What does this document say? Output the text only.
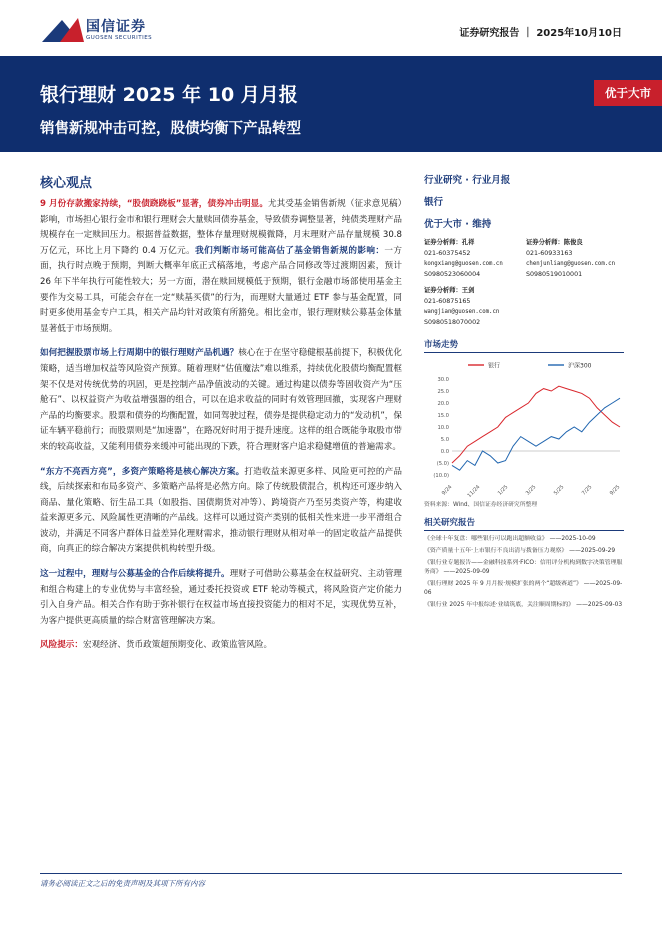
国信证券
GUOSEN SECURITIES	证券研究报告 ｜ 2025年10月10日
银行理财 2025 年 10 月月报
销售新规冲击可控，股债均衡下产品转型
优于大市
核心观点

9 月份存款搬家持续，“股债跷跷板”显著，债券冲击明显。尤其受基金销售新规（征求意见稿）影响，市场担心银行金市和银行理财会大量赎回债券基金，导致债券调整显著，纯债类理财产品规模存在一定赎回压力。根据普益数据，整体存量理财规模微降，月末理财产品存量规模 30.8 万亿元，环比上月下降约 0.4 万亿元。我们判断市场可能高估了基金销售新规的影响：一方面，执行时点晚于预期，判断大概率年底正式稿落地，考虑产品合同修改等过渡期因素，预计 26 年下半年执行可能性较大；另一方面，潜在赎回规模低于预期，银行金融市场部使用基金主要作为交易工具，可能会存在一定“赎基买债”的行为，而理财大量通过 ETF 参与基金配置，同时更多使用基金专户工具，相关产品均针对政策有所豁免。相比金市，银行理财赎公募基金体量显著低于市场预期。

如何把握股票市场上行周期中的银行理财产品机遇？核心在于在坚守稳健根基前提下，积极优化策略，适当增加权益等风险资产预算。随着理财“估值魔法”难以维系，持续优化股债均衡配置框架不仅是对传统优势的巩固，更是控制产品净值波动的关键。通过构建以债券等固收资产为“压舱石”、以权益资产为收益增强器的组合，可以在追求收益的同时有效管理回撤，实现客户理财产品的均衡要求。股票和债券的均衡配置，如同驾驶过程，债券是提供稳定动力的“发动机”，保证车辆平稳前行；而股票则是“加速器”，在路况好时用于提升速度。这样的组合既能争取股市带来的较高收益，又能利用债券来缓冲可能出现的下跌，符合理财客户追求稳健增值的普遍需求。

“东方不亮西方亮”，多资产策略将是核心解决方案。打造收益来源更多样、风险更可控的产品线，后续探索和布局多资产、多策略产品将是必然方向。除了传统股债混合，机构还可逐步纳入商品、量化策略、衍生品工具（如股指、国债期货对冲等）、跨境资产乃至另类资产等，构建收益来源更多元、风险属性更清晰的产品线。这样可以通过资产类别的低相关性来进一步平滑组合波动，并满足不同客户群体日益差异化理财需求，推动银行理财从相对单一的固定收益产品提供商，向真正的综合解决方案提供机构转型升级。

这一过程中，理财与公募基金的合作后续将提升。理财子可借助公募基金在权益研究、主动管理和组合构建上的专业优势与丰富经验，通过委托投资或 ETF 轮动等模式，将风险资产定价能力引入自身产品。相关合作有助于弥补银行在权益市场直接投资能力的相对不足，实现优势互补，为客户提供更高质量的综合财富管理解决方案。

风险提示：宏观经济、货币政策超预期变化、政策监管风险。

行业研究 · 行业月报
银行
优于大市 · 维持
证券分析师：孔祥
021-60375452
kongxiang@guosen.com.cn
S0980523060004
证券分析师：陈俊良
021-60933163
chenjunliang@guosen.com.cn
S0980519010001
证券分析师：王剑
021-60875165
wangjian@guosen.com.cn
S0980518070002
市场走势
银行	沪深300
(10.0)
(5.0)
0.0
5.0
10.0
15.0
20.0
25.0
30.0
9/24	11/24	1/25	3/25	5/25	7/25	9/25
资料来源：Wind、国信证券经济研究所整理
相关研究报告
《全球十年复盘：哪些银行可以跑出超额收益》 ——2025-10-09
《资产质量十五年·上市银行不良出清与拨备压力观察》 ——2025-09-29
《银行业专题报告——金融科技系列·FICO：信用评分机构到数字决策管理服务商》 ——2025-09-09
《银行理财 2025 年 9 月月报·规模扩张的两个“超级赛道”》 ——2025-09-06
《银行业 2025 年中报综述·业绩筑底，关注顺周期标的》 ——2025-09-03
请务必阅读正文之后的免责声明及其项下所有内容
